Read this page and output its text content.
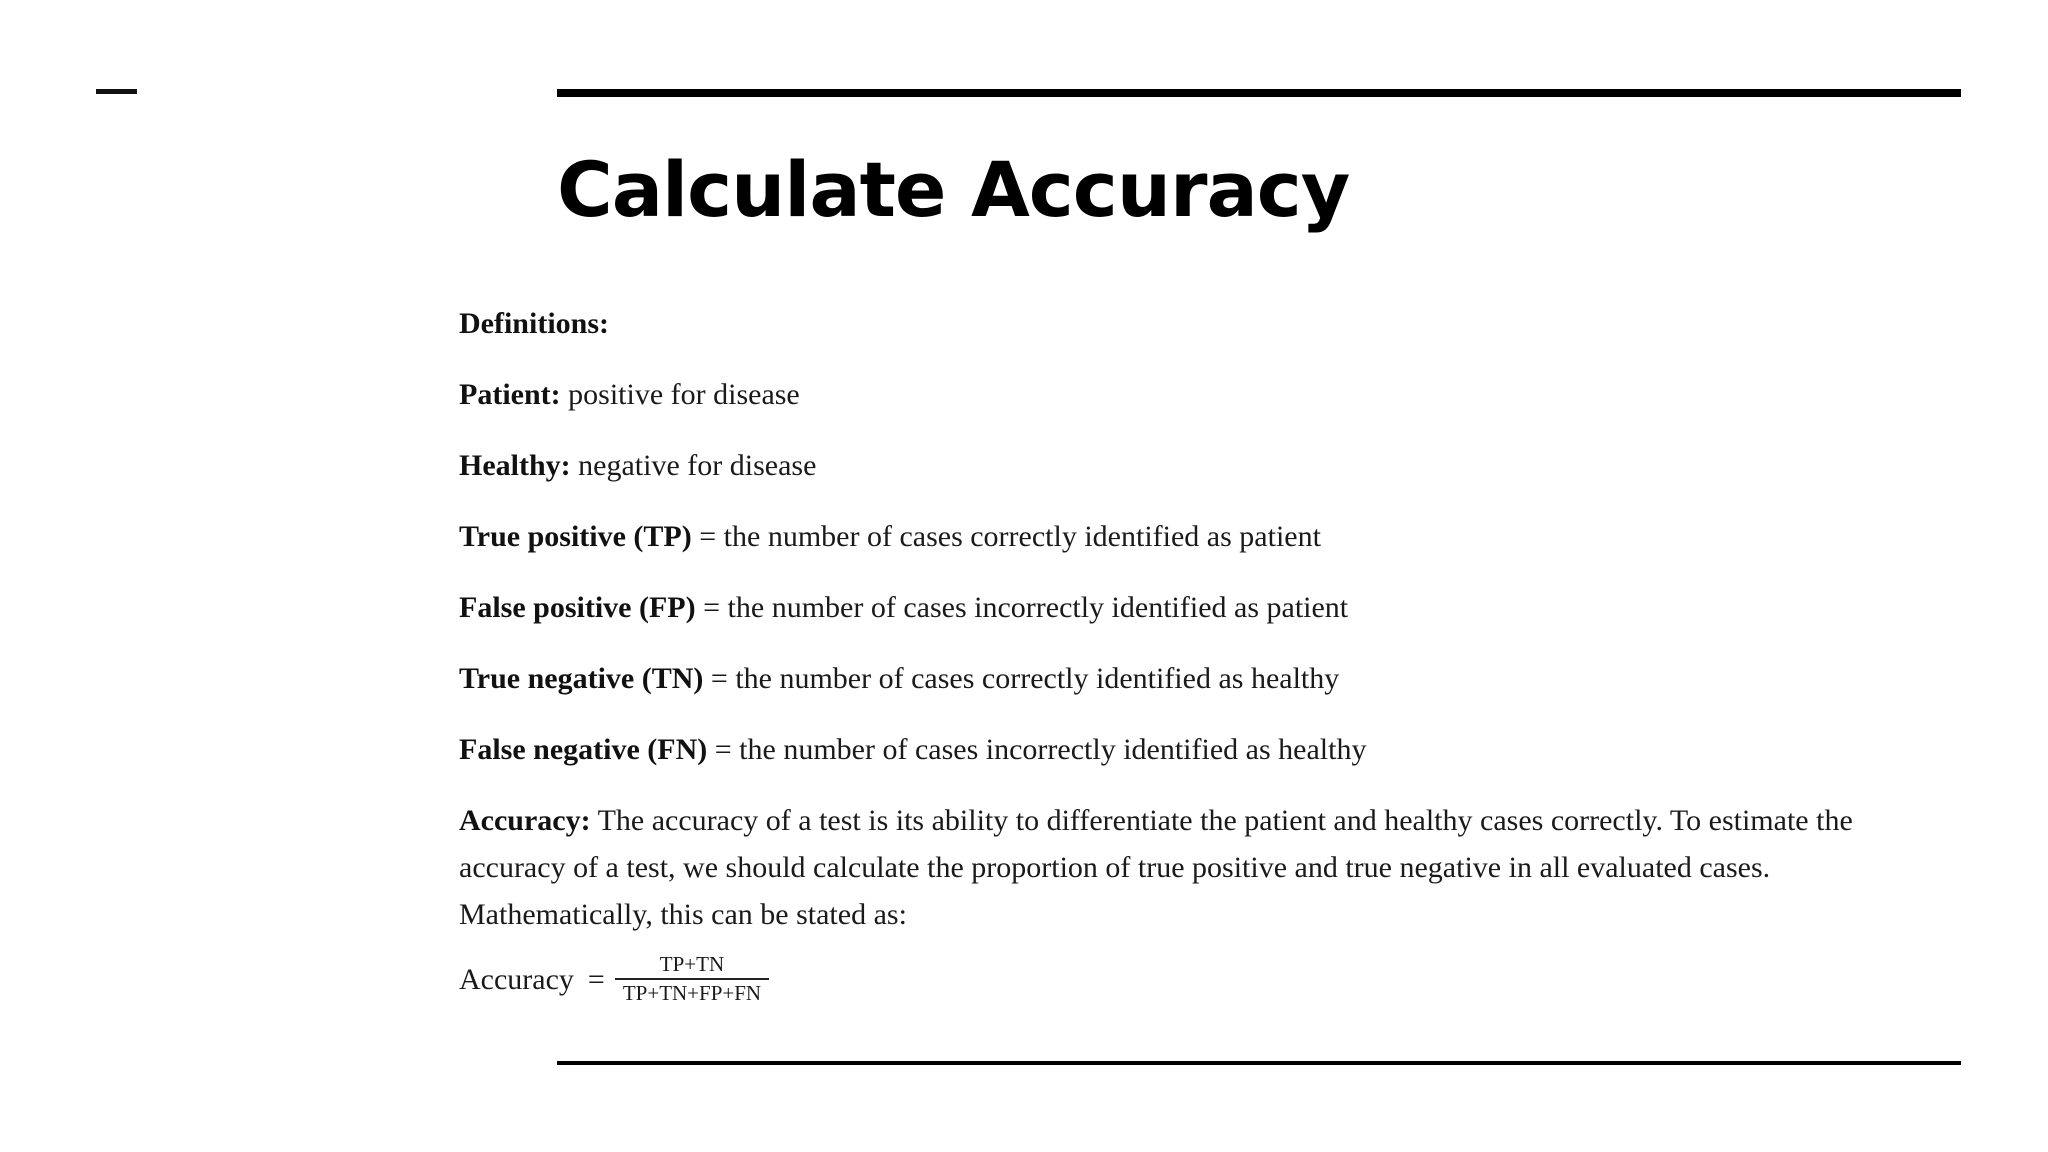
Calculate Accuracy

Definitions:

Patient: positive for disease

Healthy: negative for disease

True positive (TP) = the number of cases correctly identified as patient

False positive (FP) = the number of cases incorrectly identified as patient

True negative (TN) = the number of cases correctly identified as healthy

False negative (FN) = the number of cases incorrectly identified as healthy

Accuracy: The accuracy of a test is its ability to differentiate the patient and healthy cases correctly. To estimate the accuracy of a test, we should calculate the proportion of true positive and true negative in all evaluated cases. Mathematically, this can be stated as:

Accuracy = $\frac{TP+TN}{TP+TN+FP+FN}$
